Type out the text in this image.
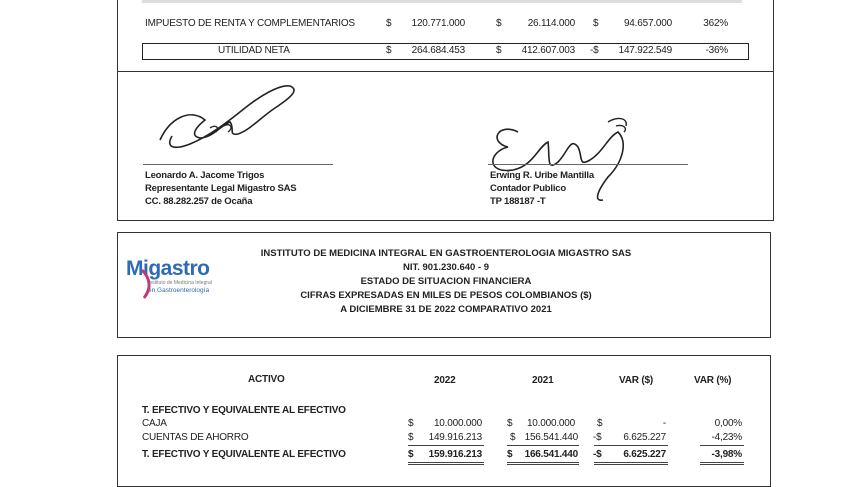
IMPUESTO DE RENTA Y COMPLEMENTARIOS	$	120.771.000	$	26.114.000 $	94.657.000	362%
UTILIDAD NETA	$	264.684.453	$	412.607.003 -$	147.922.549	-36%
Leonardo A. Jacome Trigos
Representante Legal Migastro SAS
CC. 88.282.257 de Ocaña
Erwing R. Uribe Mantilla
Contador Publico
TP 188187 -T
Migastro
Instituto de Medicina Integral
en Gastroenterología
INSTITUTO DE MEDICINA INTEGRAL EN GASTROENTEROLOGIA MIGASTRO SAS
NIT. 901.230.640 - 9
ESTADO DE SITUACION FINANCIERA
CIFRAS EXPRESADAS EN MILES DE PESOS COLOMBIANOS ($)
A DICIEMBRE 31 DE 2022 COMPARATIVO 2021
ACTIVO	2022	2021	VAR ($)	VAR (%)
T. EFECTIVO Y EQUIVALENTE AL EFECTIVO
CAJA	$	10.000.000	$	10.000.000 $	-	0,00%
CUENTAS DE AHORRO	$	149.916.213	$ 156.541.440 -$	6.625.227	-4,23%
T. EFECTIVO Y EQUIVALENTE AL EFECTIVO	$	159.916.213	$	166.541.440 -$	6.625.227	-3,98%
